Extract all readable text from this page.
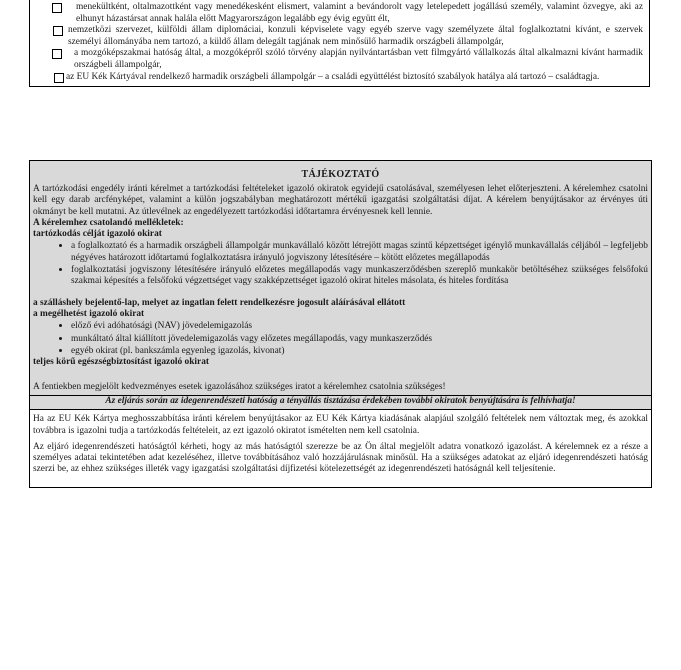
menekültként, oltalmazottként vagy menedékesként elismert, valamint a bevándorolt vagy letelepedett jogállású személy, valamint özvegye, aki az elhunyt házastársat annak halála előtt Magyarországon legalább egy évig együtt élt,
nemzetközi szervezet, külföldi állam diplomáciai, konzuli képviselete vagy egyéb szerve vagy személyzete által foglalkoztatni kívánt, e szervek személyi állományába nem tartozó, a küldő állam delegált tagjának nem minősülő harmadik országbeli állampolgár,
a mozgóképszakmai hatóság által, a mozgóképről szóló törvény alapján nyilvántartásban vett filmgyártó vállalkozás által alkalmazni kívánt harmadik országbeli állampolgár,
az EU Kék Kártyával rendelkező harmadik országbeli állampolgár – a családi együttélést biztosító szabályok hatálya alá tartozó – családtagja.
TÁJÉKOZTATÓ

A tartózkodási engedély iránti kérelmet a tartózkodási feltételeket igazoló okiratok egyidejű csatolásával, személyesen lehet előterjeszteni. A kérelemhez csatolni kell egy darab arcfényképet, valamint a külön jogszabályban meghatározott mértékű igazgatási szolgáltatási díjat. A kérelem benyújtásakor az érvényes úti okmányt be kell mutatni. Az útlevélnek az engedélyezett tartózkodási időtartamra érvényesnek kell lennie.

A kérelemhez csatolandó mellékletek:

tartózkodás célját igazoló okirat

• a foglalkoztató és a harmadik országbeli állampolgár munkavállaló között létrejött magas szintű képzettséget igénylő munkavállalás céljából – legfeljebb négyéves határozott időtartamú foglalkoztatásra irányuló jogviszony létesítésére – kötött előzetes megállapodás
• foglalkoztatási jogviszony létesítésére irányuló előzetes megállapodás vagy munkaszerződésben szereplő munkakör betöltéséhez szükséges felsőfokú szakmai képesítés a felsőfokú végzettséget vagy szakképzettséget igazoló okirat hiteles másolata, és hiteles fordítása

a szálláshely bejelentő-lap, melyet az ingatlan felett rendelkezésre jogosult aláírásával ellátott

a megélhetést igazoló okirat

• előző évi adóhatósági (NAV) jövedelemigazolás
• munkáltató által kiállított jövedelemigazolás vagy előzetes megállapodás, vagy munkaszerződés
• egyéb okirat (pl. bankszámla egyenleg igazolás, kivonat)

teljes körű egészségbiztosítást igazoló okirat

A fentiekben megjelölt kedvezményes esetek igazolásához szükséges iratot a kérelemhez csatolnia szükséges!

Az eljárás során az idegenrendészeti hatóság a tényállás tisztázása érdekében további okiratok benyújtására is felhívhatja!

Ha az EU Kék Kártya meghosszabbítása iránti kérelem benyújtásakor az EU Kék Kártya kiadásának alapjául szolgáló feltételek nem változtak meg, és azokkal továbbra is igazolni tudja a tartózkodás feltételeit, az ezt igazoló okiratot ismételten nem kell csatolnia.

Az eljáró idegenrendészeti hatóságtól kérheti, hogy az más hatóságtól szerezze be az Ön által megjelölt adatra vonatkozó igazolást. A kérelemnek ez a része a személyes adatai tekintetében adat kezeléséhez, illetve továbbításához való hozzájárulásnak minősül. Ha a szükséges adatokat az eljáró idegenrendészeti hatóság szerzi be, az ehhez szükséges illeték vagy igazgatási szolgáltatási díjfizetési kötelezettségét az idegenrendészeti hatóságnál kell teljesítenie.
